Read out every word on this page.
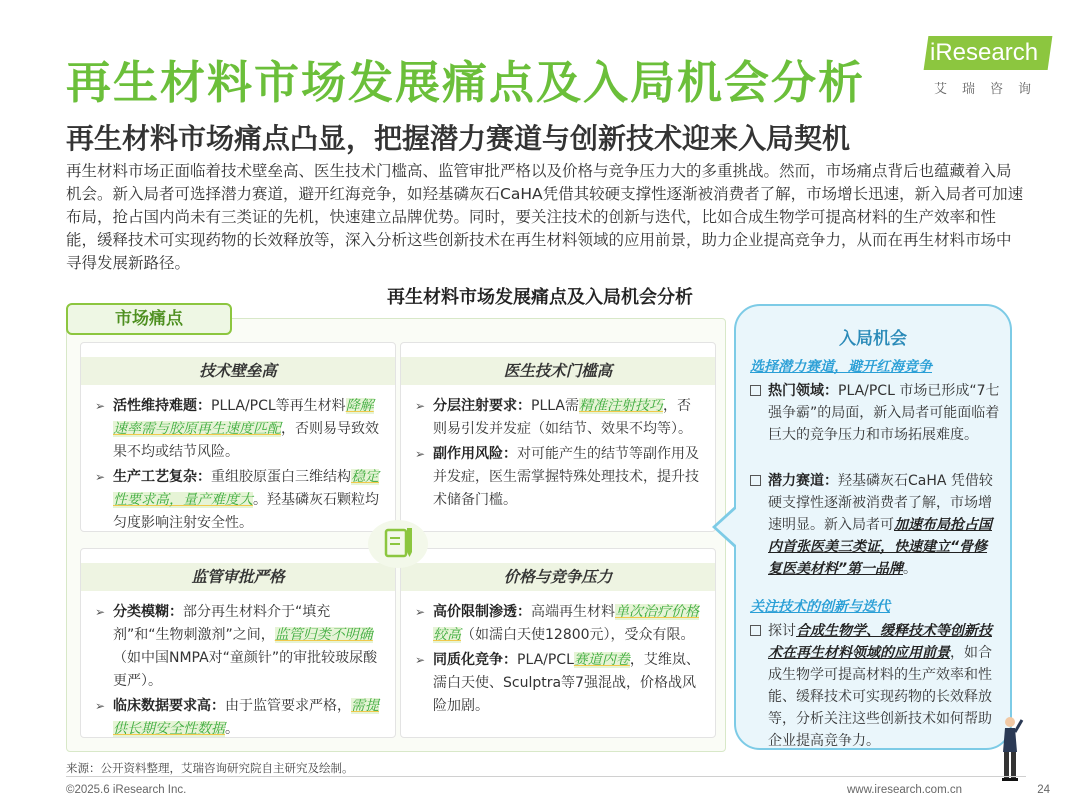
再生材料市场发展痛点及入局机会分析
iResearch
艾瑞咨询
再生材料市场痛点凸显，把握潜力赛道与创新技术迎来入局契机
再生材料市场正面临着技术壁垒高、医生技术门槛高、监管审批严格以及价格与竞争压力大的多重挑战。然而，市场痛点背后也蕴藏着入局机会。新入局者可选择潜力赛道，避开红海竞争，如羟基磷灰石CaHA凭借其较硬支撑性逐渐被消费者了解，市场增长迅速，新入局者可加速布局，抢占国内尚未有三类证的先机，快速建立品牌优势。同时，要关注技术的创新与迭代，比如合成生物学可提高材料的生产效率和性能，缓释技术可实现药物的长效释放等，深入分析这些创新技术在再生材料领域的应用前景，助力企业提高竞争力，从而在再生材料市场中寻得发展新路径。
再生材料市场发展痛点及入局机会分析
市场痛点
技术壁垒高
➢ 活性维持难题：PLLA/PCL等再生材料降解速率需与胶原再生速度匹配，否则易导致效果不均或结节风险。
➢ 生产工艺复杂：重组胶原蛋白三维结构稳定性要求高，量产难度大。羟基磷灰石颗粒均匀度影响注射安全性。
医生技术门槛高
➢ 分层注射要求：PLLA需精准注射技巧，否则易引发并发症（如结节、效果不均等）。
➢ 副作用风险：对可能产生的结节等副作用及并发症，医生需掌握特殊处理技术，提升技术储备门槛。
监管审批严格
➢ 分类模糊：部分再生材料介于“填充剂”和“生物刺激剂”之间，监管归类不明确（如中国NMPA对“童颜针”的审批较玻尿酸更严）。
➢ 临床数据要求高：由于监管要求严格，需提供长期安全性数据。
价格与竞争压力
➢ 高价限制渗透：高端再生材料单次治疗价格较高（如濡白天使12800元），受众有限。
➢ 同质化竞争：PLA/PCL赛道内卷，艾维岚、濡白天使、Sculptra等7强混战，价格战风险加剧。
入局机会
选择潜力赛道，避开红海竞争
热门领域：PLA/PCL 市场已形成“7七强争霸”的局面，新入局者可能面临着巨大的竞争压力和市场拓展难度。
潜力赛道：羟基磷灰石CaHA 凭借较硬支撑性逐渐被消费者了解，市场增速明显。新入局者可加速布局抢占国内首张医美三类证，快速建立“骨修复医美材料”第一品牌。
关注技术的创新与迭代
探讨合成生物学、缓释技术等创新技术在再生材料领域的应用前景，如合成生物学可提高材料的生产效率和性能、缓释技术可实现药物的长效释放等，分析关注这些创新技术如何帮助企业提高竞争力。
来源：公开资料整理，艾瑞咨询研究院自主研究及绘制。
©2025.6 iResearch Inc.	www.iresearch.com.cn	24
